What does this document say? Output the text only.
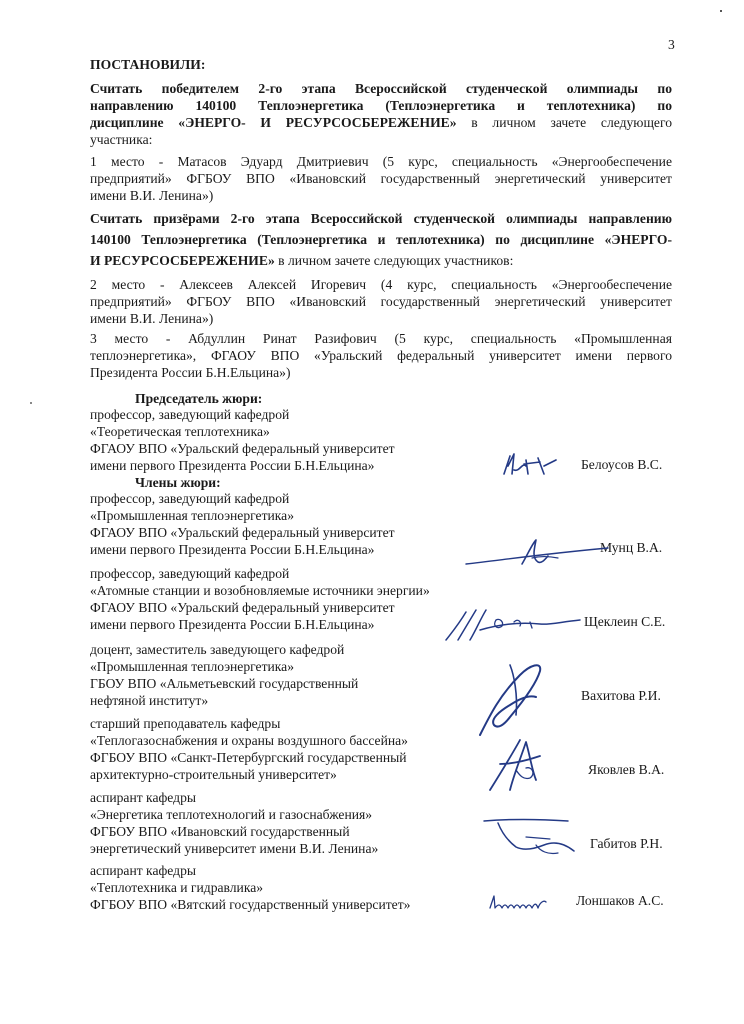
3
ПОСТАНОВИЛИ:
Считать победителем 2-го этапа Всероссийской студенческой олимпиады по
направлению 140100 Теплоэнергетика (Теплоэнергетика и теплотехника) по
дисциплине «ЭНЕРГО- И РЕСУРСОСБЕРЕЖЕНИЕ» в личном зачете следующего
участника:
1 место - Матасов Эдуард Дмитриевич (5 курс, специальность «Энергообеспечение
предприятий» ФГБОУ ВПО «Ивановский государственный энергетический университет
имени В.И. Ленина»)
Считать призёрами 2-го этапа Всероссийской студенческой олимпиады направлению
140100 Теплоэнергетика (Теплоэнергетика и теплотехника) по дисциплине «ЭНЕРГО-
И РЕСУРСОСБЕРЕЖЕНИЕ» в личном зачете следующих участников:
2 место - Алексеев Алексей Игоревич (4 курс, специальность «Энергообеспечение
предприятий» ФГБОУ ВПО «Ивановский государственный энергетический университет
имени В.И. Ленина»)
3 место - Абдуллин Ринат Разифович (5 курс, специальность «Промышленная
теплоэнергетика», ФГАОУ ВПО «Уральский федеральный университет имени первого
Президента России Б.Н.Ельцина»)
Председатель жюри:
Члены жюри:
профессор, заведующий кафедрой
«Теоретическая теплотехника»
ФГАОУ ВПО «Уральский федеральный университет
имени первого Президента России Б.Н.Ельцина»	Белоусов В.С.
профессор, заведующий кафедрой
«Промышленная теплоэнергетика»
ФГАОУ ВПО «Уральский федеральный университет
имени первого Президента России Б.Н.Ельцина»	Мунц В.А.
профессор, заведующий кафедрой
«Атомные станции и возобновляемые источники энергии»
ФГАОУ ВПО «Уральский федеральный университет
имени первого Президента России Б.Н.Ельцина»	Щеклеин С.Е.
доцент, заместитель заведующего кафедрой
«Промышленная теплоэнергетика»
ГБОУ ВПО «Альметьевский государственный
нефтяной институт»	Вахитова Р.И.
старший преподаватель кафедры
«Теплогазоснабжения и охраны воздушного бассейна»
ФГБОУ ВПО «Санкт-Петербургский государственный
архитектурно-строительный университет»	Яковлев В.А.
аспирант кафедры
«Энергетика теплотехнологий и газоснабжения»
ФГБОУ ВПО «Ивановский государственный
энергетический университет имени В.И. Ленина»	Габитов Р.Н.
аспирант кафедры
«Теплотехника и гидравлика»
ФГБОУ ВПО «Вятский государственный университет»	Лоншаков А.С.
